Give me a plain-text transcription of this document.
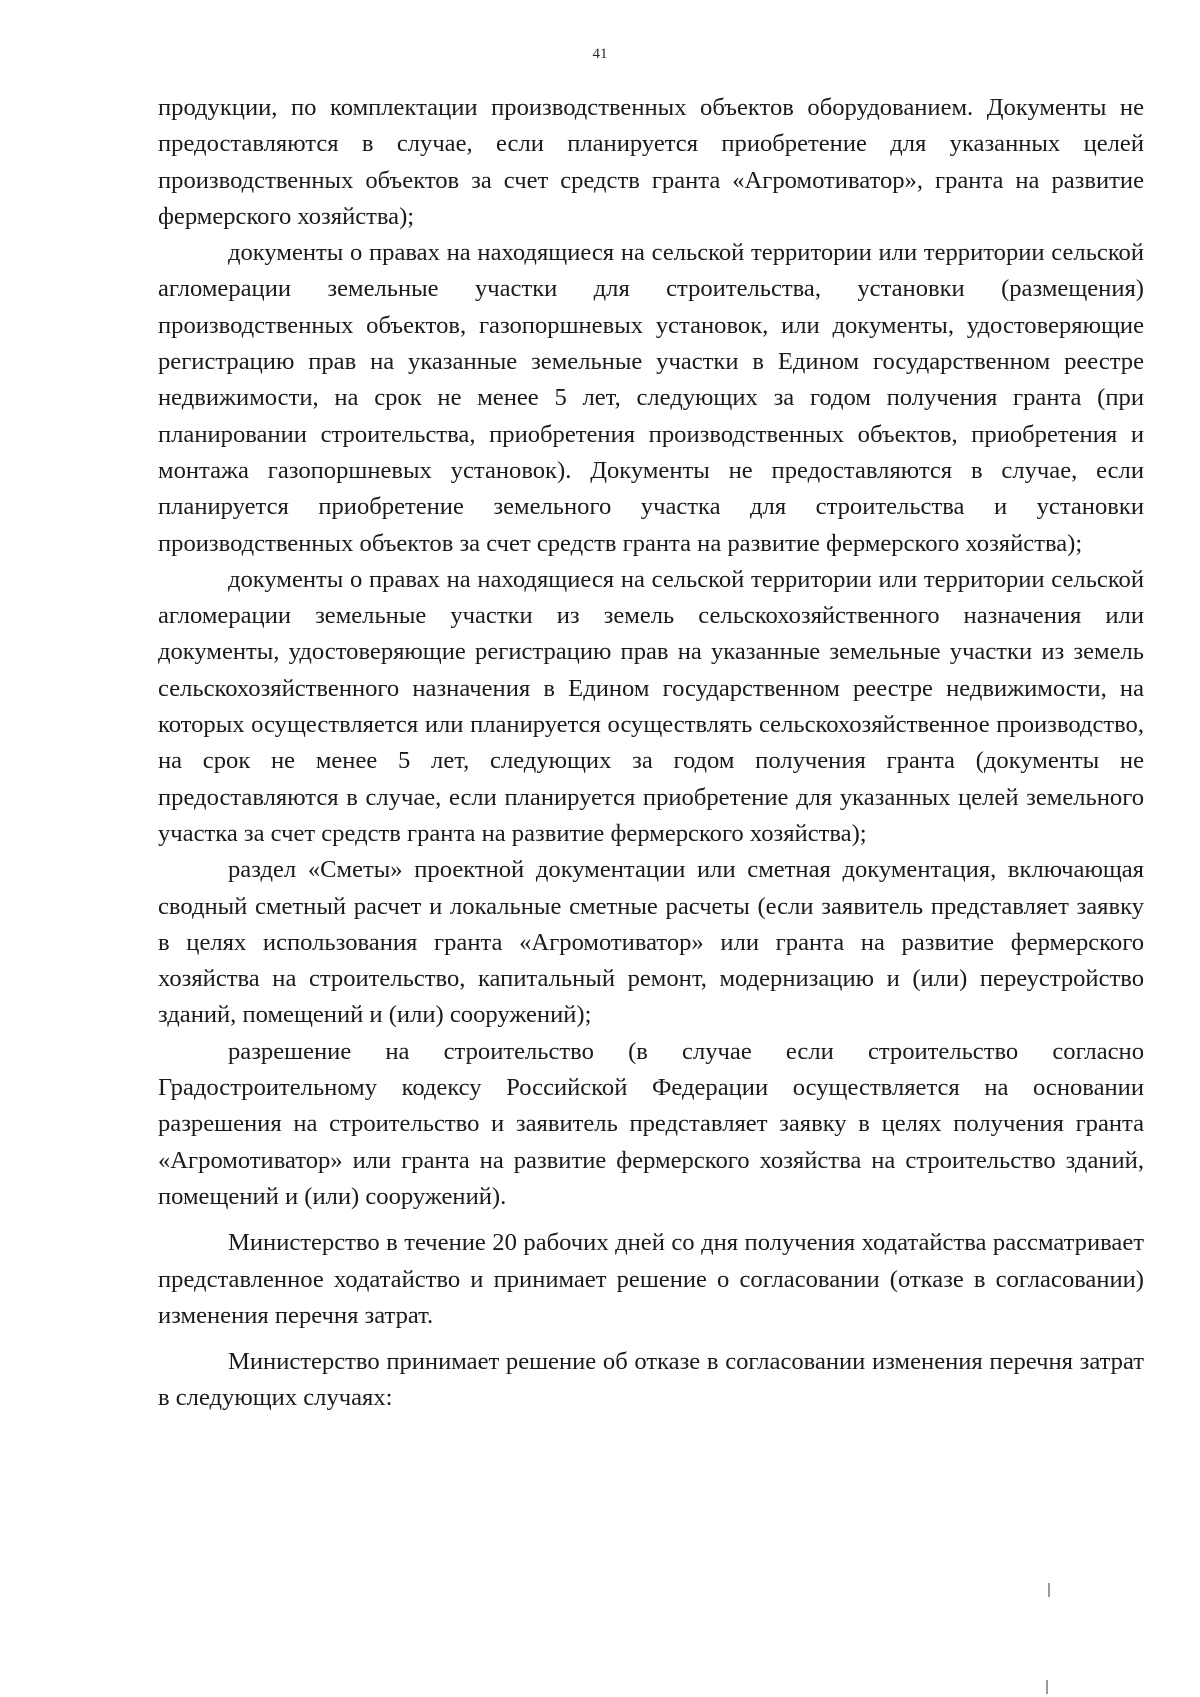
41

продукции, по комплектации производственных объектов оборудованием. Документы не предоставляются в случае, если планируется приобретение для указанных целей производственных объектов за счет средств гранта «Агромотиватор», гранта на развитие фермерского хозяйства);

документы о правах на находящиеся на сельской территории или территории сельской агломерации земельные участки для строительства, установки (размещения) производственных объектов, газопоршневых установок, или документы, удостоверяющие регистрацию прав на указанные земельные участки в Едином государственном реестре недвижимости, на срок не менее 5 лет, следующих за годом получения гранта (при планировании строительства, приобретения производственных объектов, приобретения и монтажа газопоршневых установок). Документы не предоставляются в случае, если планируется приобретение земельного участка для строительства и установки производственных объектов за счет средств гранта на развитие фермерского хозяйства);

документы о правах на находящиеся на сельской территории или территории сельской агломерации земельные участки из земель сельскохозяйственного назначения или документы, удостоверяющие регистрацию прав на указанные земельные участки из земель сельскохозяйственного назначения в Едином государственном реестре недвижимости, на которых осуществляется или планируется осуществлять сельскохозяйственное производство, на срок не менее 5 лет, следующих за годом получения гранта (документы не предоставляются в случае, если планируется приобретение для указанных целей земельного участка за счет средств гранта на развитие фермерского хозяйства);

раздел «Сметы» проектной документации или сметная документация, включающая сводный сметный расчет и локальные сметные расчеты (если заявитель представляет заявку в целях использования гранта «Агромотиватор» или гранта на развитие фермерского хозяйства на строительство, капитальный ремонт, модернизацию и (или) переустройство зданий, помещений и (или) сооружений);

разрешение на строительство (в случае если строительство согласно Градостроительному кодексу Российской Федерации осуществляется на основании разрешения на строительство и заявитель представляет заявку в целях получения гранта «Агромотиватор» или гранта на развитие фермерского хозяйства на строительство зданий, помещений и (или) сооружений).

Министерство в течение 20 рабочих дней со дня получения ходатайства рассматривает представленное ходатайство и принимает решение о согласовании (отказе в согласовании) изменения перечня затрат.

Министерство принимает решение об отказе в согласовании изменения перечня затрат в следующих случаях:
